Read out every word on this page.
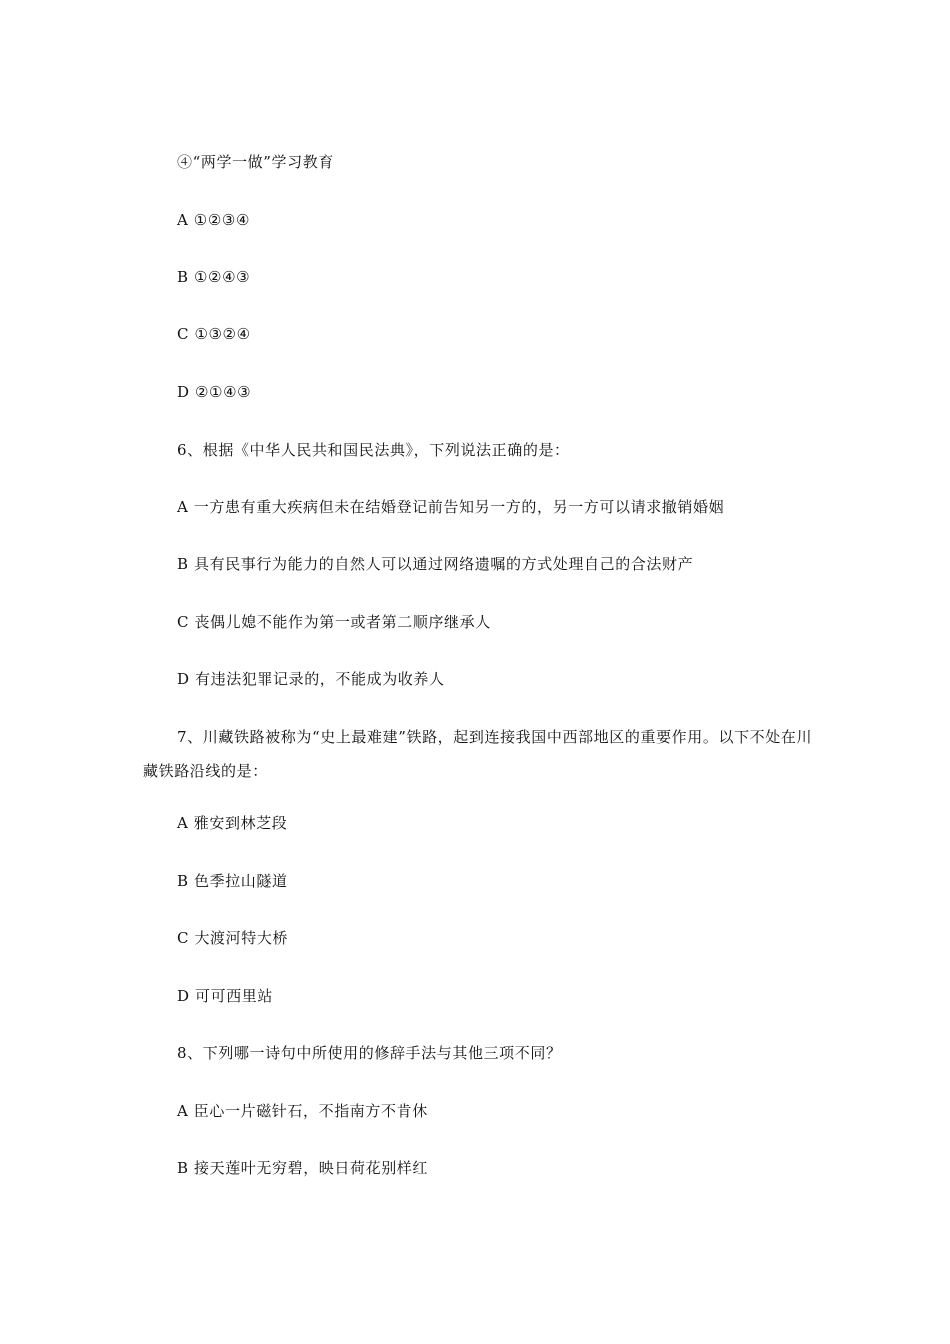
④“两学一做”学习教育
A ①②③④
B ①②④③
C ①③②④
D ②①④③
6、根据《中华人民共和国民法典》，下列说法正确的是：
A 一方患有重大疾病但未在结婚登记前告知另一方的，另一方可以请求撤销婚姻
B 具有民事行为能力的自然人可以通过网络遗嘱的方式处理自己的合法财产
C 丧偶儿媳不能作为第一或者第二顺序继承人
D 有违法犯罪记录的，不能成为收养人
7、川藏铁路被称为“史上最难建”铁路，起到连接我国中西部地区的重要作用。以下不处在川藏铁路沿线的是：
A 雅安到林芝段
B 色季拉山隧道
C 大渡河特大桥
D 可可西里站
8、下列哪一诗句中所使用的修辞手法与其他三项不同？
A 臣心一片磁针石，不指南方不肯休
B 接天莲叶无穷碧，映日荷花别样红
